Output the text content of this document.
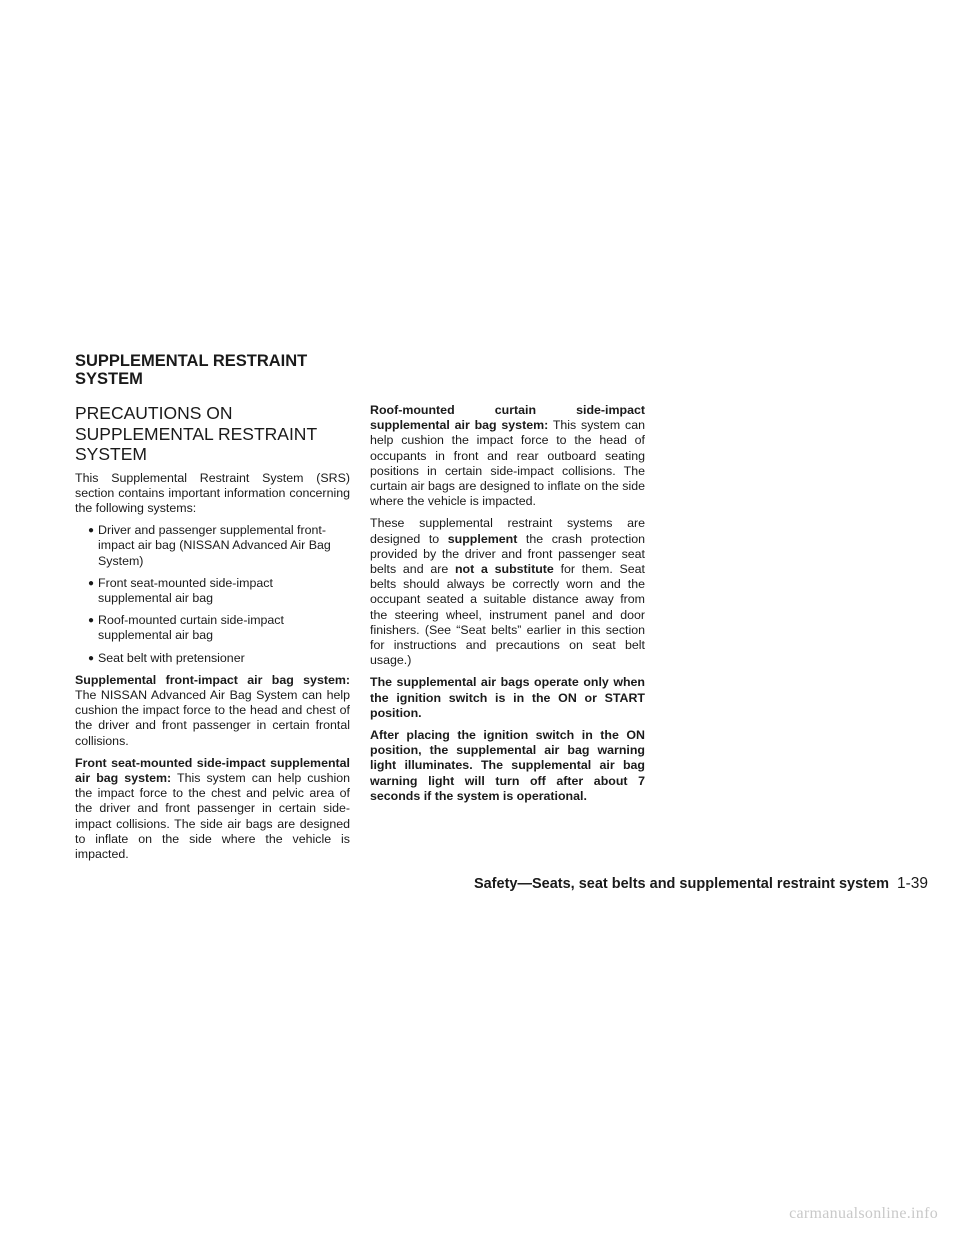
SUPPLEMENTAL RESTRAINT SYSTEM
PRECAUTIONS ON SUPPLEMENTAL RESTRAINT SYSTEM

This Supplemental Restraint System (SRS) section contains important information concerning the following systems:

● Driver and passenger supplemental front-impact air bag (NISSAN Advanced Air Bag System)
● Front seat-mounted side-impact supplemental air bag
● Roof-mounted curtain side-impact supplemental air bag
● Seat belt with pretensioner

Supplemental front-impact air bag system: The NISSAN Advanced Air Bag System can help cushion the impact force to the head and chest of the driver and front passenger in certain frontal collisions.

Front seat-mounted side-impact supplemental air bag system: This system can help cushion the impact force to the chest and pelvic area of the driver and front passenger in certain side-impact collisions. The side air bags are designed to inflate on the side where the vehicle is impacted.

Roof-mounted curtain side-impact supplemental air bag system: This system can help cushion the impact force to the head of occupants in front and rear outboard seating positions in certain side-impact collisions. The curtain air bags are designed to inflate on the side where the vehicle is impacted.

These supplemental restraint systems are designed to supplement the crash protection provided by the driver and front passenger seat belts and are not a substitute for them. Seat belts should always be correctly worn and the occupant seated a suitable distance away from the steering wheel, instrument panel and door finishers. (See “Seat belts” earlier in this section for instructions and precautions on seat belt usage.)

The supplemental air bags operate only when the ignition switch is in the ON or START position.

After placing the ignition switch in the ON position, the supplemental air bag warning light illuminates. The supplemental air bag warning light will turn off after about 7 seconds if the system is operational.

Safety—Seats, seat belts and supplemental restraint system 1-39
carmanualsonline.info
